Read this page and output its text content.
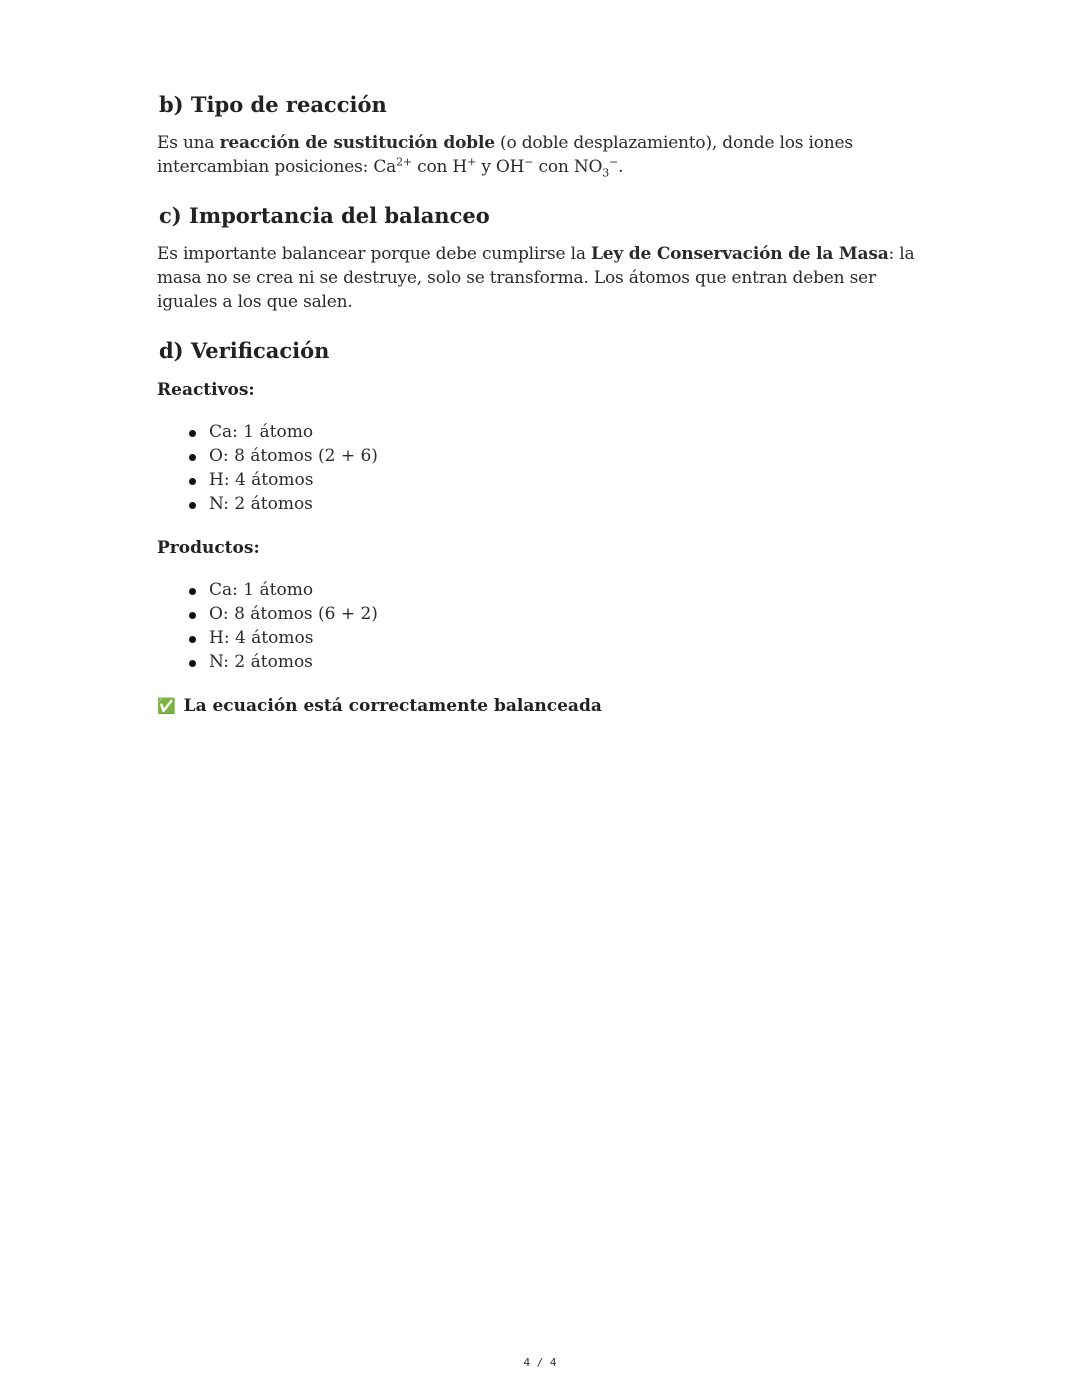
b) Tipo de reacción

Es una reacción de sustitución doble (o doble desplazamiento), donde los iones intercambian posiciones: $Ca^{2+}$ con H+ y OH− con $NO_3^-$.

c) Importancia del balanceo

Es importante balancear porque debe cumplirse la Ley de Conservación de la Masa: la masa no se crea ni se destruye, solo se transforma. Los átomos que entran deben ser iguales a los que salen.

d) Verificación
Reactivos:
Ca: 1 átomo
O: 8 átomos (2 + 6)
H: 4 átomos
N: 2 átomos
Productos:
Ca: 1 átomo
O: 8 átomos (6 + 2)
H: 4 átomos
N: 2 átomos
✅ La ecuación está correctamente balanceada
4 / 4
